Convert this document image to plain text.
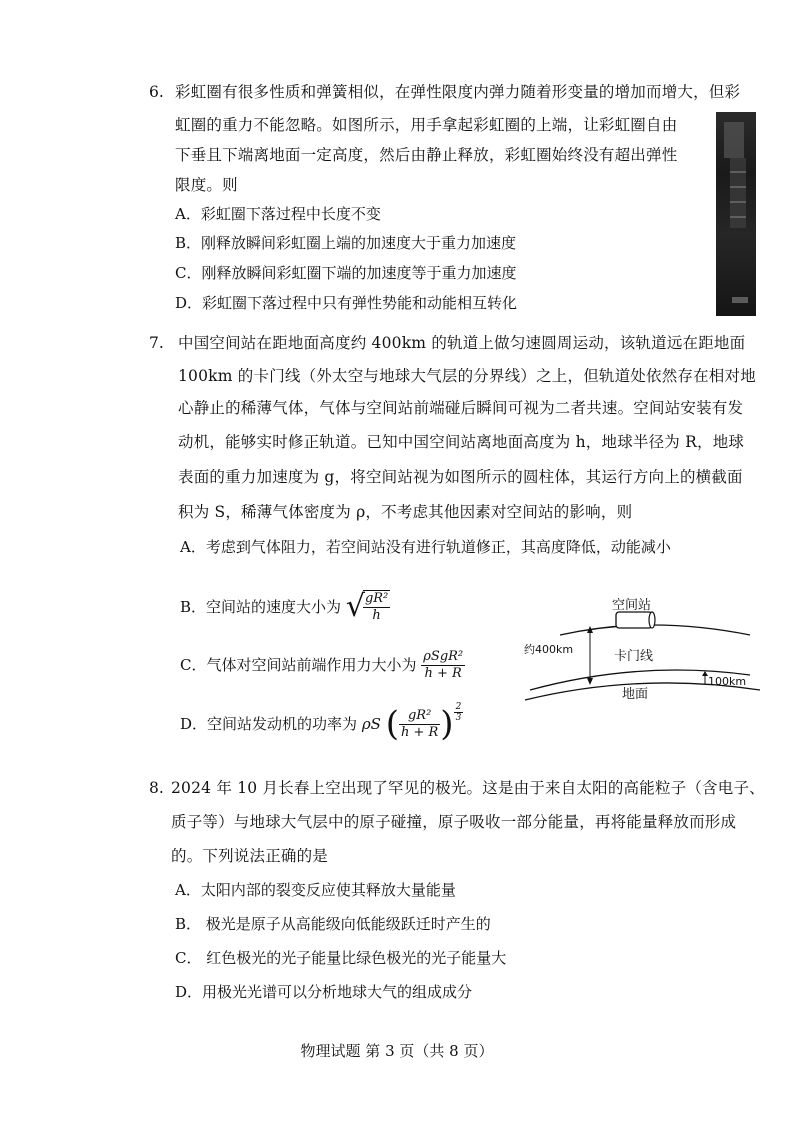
6. 彩虹圈有很多性质和弹簧相似，在弹性限度内弹力随着形变量的增加而增大，但彩
虹圈的重力不能忽略。如图所示，用手拿起彩虹圈的上端，让彩虹圈自由
下垂且下端离地面一定高度，然后由静止释放，彩虹圈始终没有超出弹性
限度。则
A．彩虹圈下落过程中长度不变
B．刚释放瞬间彩虹圈上端的加速度大于重力加速度
C．刚释放瞬间彩虹圈下端的加速度等于重力加速度
D．彩虹圈下落过程中只有弹性势能和动能相互转化
7. 中国空间站在距地面高度约 400km 的轨道上做匀速圆周运动，该轨道远在距地面
100km 的卡门线（外太空与地球大气层的分界线）之上，但轨道处依然存在相对地
心静止的稀薄气体，气体与空间站前端碰后瞬间可视为二者共速。空间站安装有发
动机，能够实时修正轨道。已知中国空间站离地面高度为 h，地球半径为 R，地球
表面的重力加速度为 g，将空间站视为如图所示的圆柱体，其运行方向上的横截面
积为 S，稀薄气体密度为 ρ，不考虑其他因素对空间站的影响，则
A．考虑到气体阻力，若空间站没有进行轨道修正，其高度降低，动能减小
B．空间站的速度大小为 √
$\frac{\text{gR²}}{h}$
C．气体对空间站前端作用力大小为 $\frac{\text{ρSgR²}}{h + R}$
D．空间站发动机的功率为 ρS ( $\frac{\text{gR²}}{h + R}$ ) $\frac{2}{3}$
空间站
约400km	卡门线
100km
地面
8. 2024 年 10 月长春上空出现了罕见的极光。这是由于来自太阳的高能粒子（含电子、
质子等）与地球大气层中的原子碰撞，原子吸收一部分能量，再将能量释放而形成
的。下列说法正确的是
A．太阳内部的裂变反应使其释放大量能量
B． 极光是原子从高能级向低能级跃迁时产生的
C． 红色极光的光子能量比绿色极光的光子能量大
D．用极光光谱可以分析地球大气的组成成分
物理试题 第 3 页（共 8 页）
